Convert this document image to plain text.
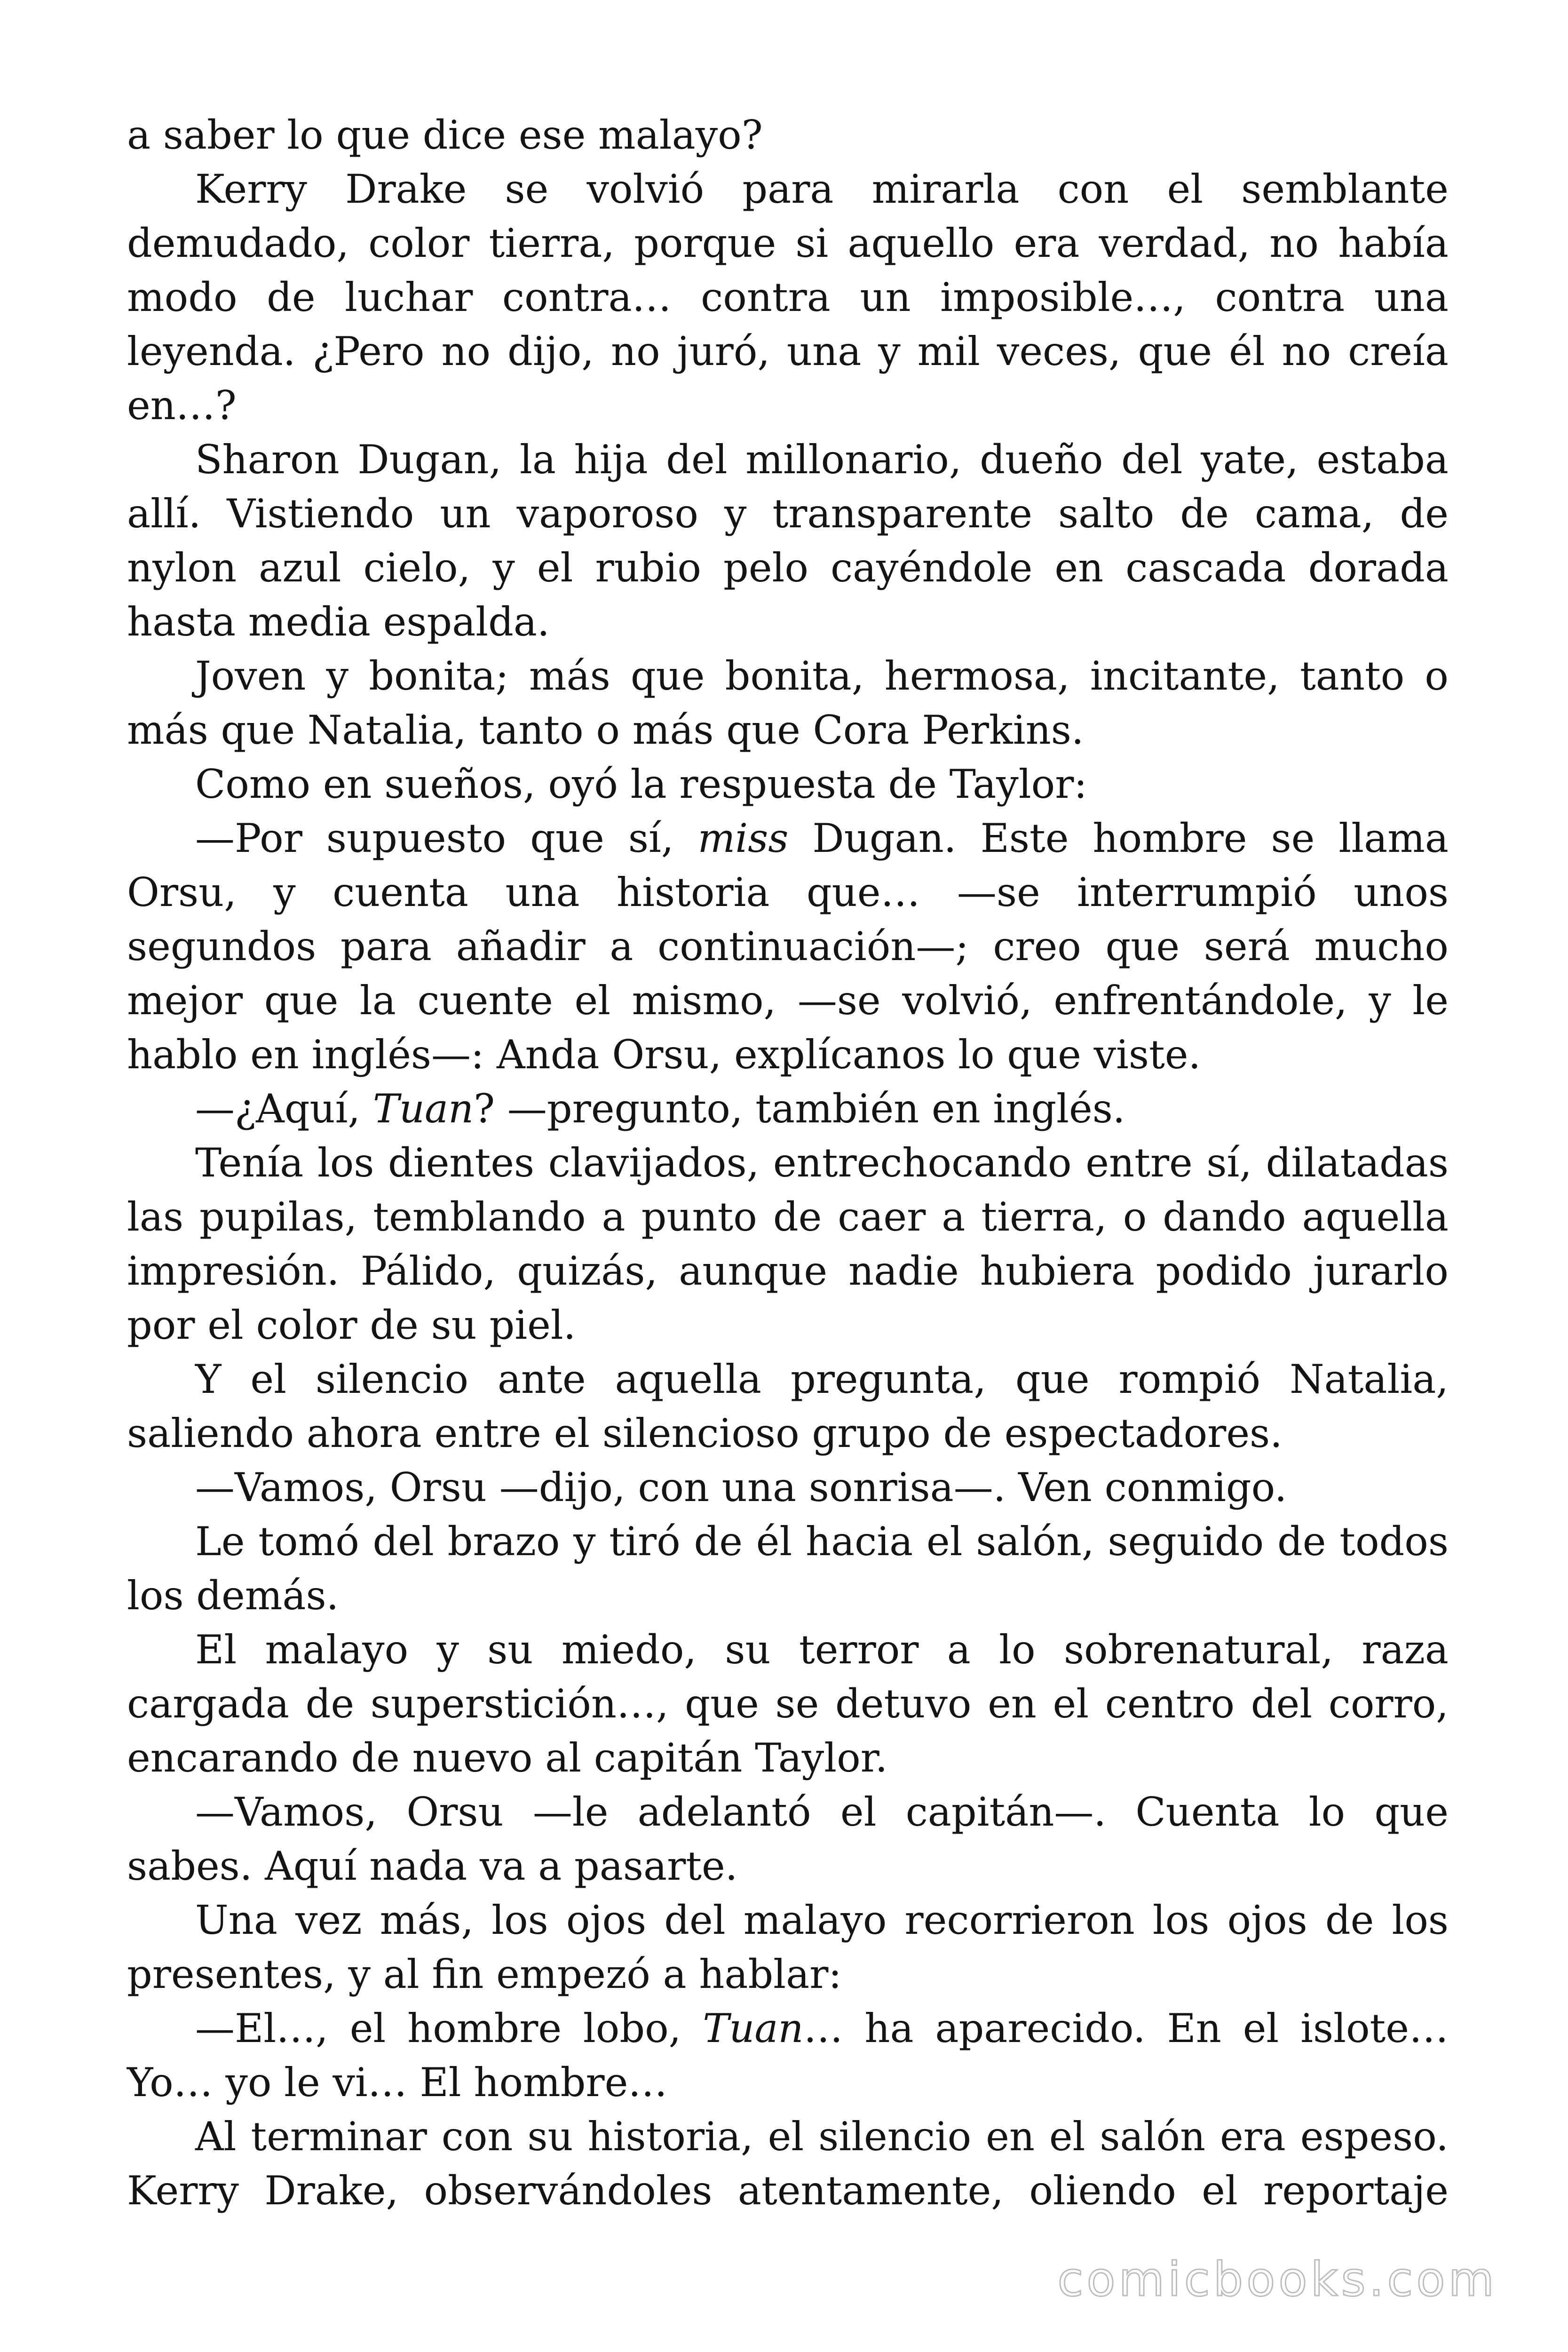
a saber lo que dice ese malayo?

Kerry Drake se volvió para mirarla con el semblante demudado, color tierra, porque si aquello era verdad, no había modo de luchar contra… contra un imposible…, contra una leyenda. ¿Pero no dijo, no juró, una y mil veces, que él no creía en…?

Sharon Dugan, la hija del millonario, dueño del yate, estaba allí. Vistiendo un vaporoso y transparente salto de cama, de nylon azul cielo, y el rubio pelo cayéndole en cascada dorada hasta media espalda.

Joven y bonita; más que bonita, hermosa, incitante, tanto o más que Natalia, tanto o más que Cora Perkins.

Como en sueños, oyó la respuesta de Taylor:

—Por supuesto que sí, miss Dugan. Este hombre se llama Orsu, y cuenta una historia que… —se interrumpió unos segundos para añadir a continuación—; creo que será mucho mejor que la cuente el mismo, —se volvió, enfrentándole, y le hablo en inglés—: Anda Orsu, explícanos lo que viste.

—¿Aquí, Tuan? —pregunto, también en inglés.

Tenía los dientes clavijados, entrechocando entre sí, dilatadas las pupilas, temblando a punto de caer a tierra, o dando aquella impresión. Pálido, quizás, aunque nadie hubiera podido jurarlo por el color de su piel.

Y el silencio ante aquella pregunta, que rompió Natalia, saliendo ahora entre el silencioso grupo de espectadores.

—Vamos, Orsu —dijo, con una sonrisa—. Ven conmigo.

Le tomó del brazo y tiró de él hacia el salón, seguido de todos los demás.

El malayo y su miedo, su terror a lo sobrenatural, raza cargada de superstición…, que se detuvo en el centro del corro, encarando de nuevo al capitán Taylor.

—Vamos, Orsu —le adelantó el capitán—. Cuenta lo que sabes. Aquí nada va a pasarte.

Una vez más, los ojos del malayo recorrieron los ojos de los presentes, y al fin empezó a hablar:

—El…, el hombre lobo, Tuan… ha aparecido. En el islote… Yo… yo le vi… El hombre…

Al terminar con su historia, el silencio en el salón era espeso. Kerry Drake, observándoles atentamente, oliendo el reportaje

comicbooks.com
